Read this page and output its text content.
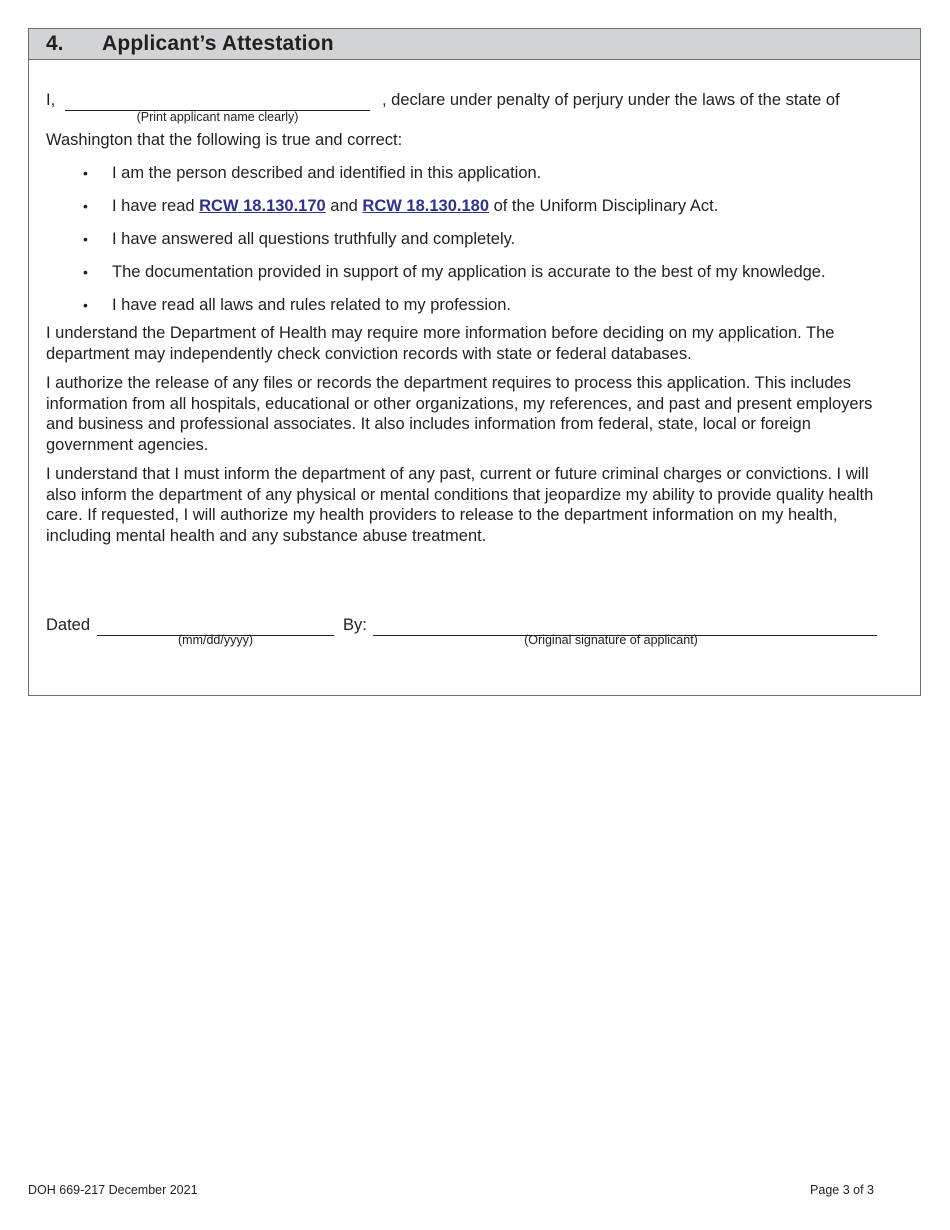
4. Applicant’s Attestation
I,
(Print applicant name clearly)
, declare under penalty of perjury under the laws of the state of
Washington that the following is true and correct:
• I am the person described and identified in this application.
• I have read RCW 18.130.170 and RCW 18.130.180 of the Uniform Disciplinary Act.
• I have answered all questions truthfully and completely.
• The documentation provided in support of my application is accurate to the best of my knowledge.
• I have read all laws and rules related to my profession.

I understand the Department of Health may require more information before deciding on my application. The department may independently check conviction records with state or federal databases.

I authorize the release of any files or records the department requires to process this application. This includes information from all hospitals, educational or other organizations, my references, and past and present employers and business and professional associates. It also includes information from federal, state, local or foreign government agencies.

I understand that I must inform the department of any past, current or future criminal charges or convictions. I will also inform the department of any physical or mental conditions that jeopardize my ability to provide quality health care. If requested, I will authorize my health providers to release to the department information on my health, including mental health and any substance abuse treatment.

Dated
(mm/dd/yyyy)
By:
(Original signature of applicant)
DOH 669-217 December 2021	Page 3 of 3
